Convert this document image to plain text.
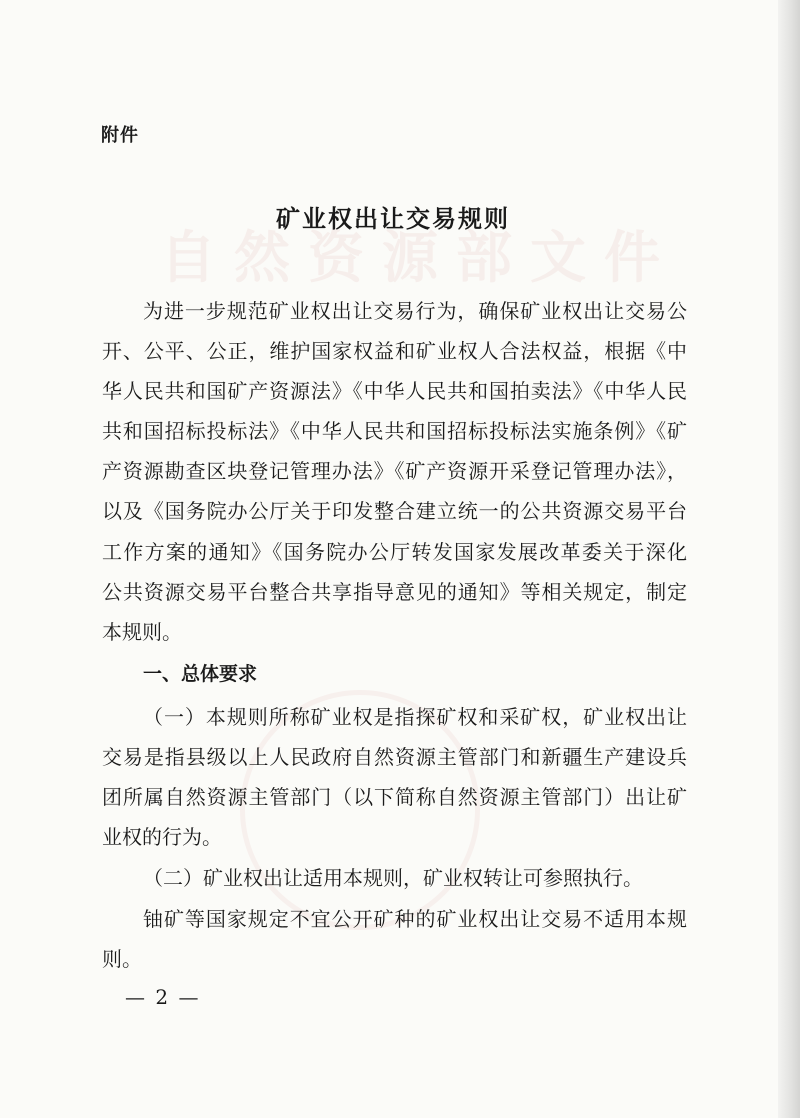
自然资源部文件

附件

矿业权出让交易规则

为进一步规范矿业权出让交易行为，确保矿业权出让交易公

开、公平、公正，维护国家权益和矿业权人合法权益，根据《中

华人民共和国矿产资源法》《中华人民共和国拍卖法》《中华人民

共和国招标投标法》《中华人民共和国招标投标法实施条例》《矿

产资源勘查区块登记管理办法》《矿产资源开采登记管理办法》，

以及《国务院办公厅关于印发整合建立统一的公共资源交易平台

工作方案的通知》《国务院办公厅转发国家发展改革委关于深化

公共资源交易平台整合共享指导意见的通知》等相关规定，制定

本规则。

一、总体要求

（一）本规则所称矿业权是指探矿权和采矿权，矿业权出让

交易是指县级以上人民政府自然资源主管部门和新疆生产建设兵

团所属自然资源主管部门（以下简称自然资源主管部门）出让矿

业权的行为。

（二）矿业权出让适用本规则，矿业权转让可参照执行。

铀矿等国家规定不宜公开矿种的矿业权出让交易不适用本规

则。

— 2 —
